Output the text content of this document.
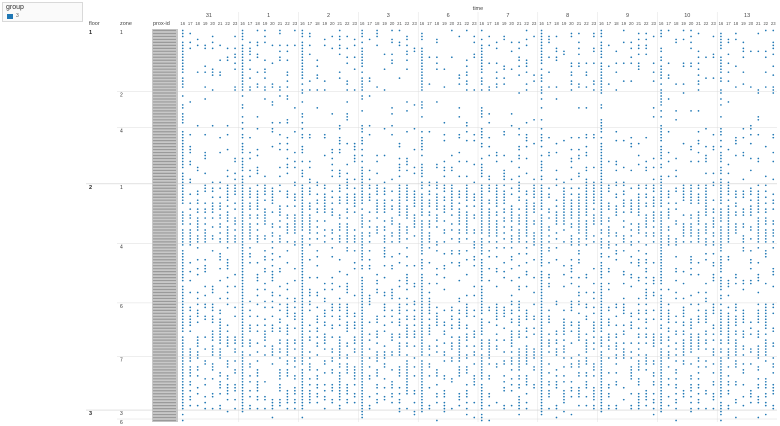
group
3
time
floor	zone	prox-id
31
16 17 18 19 20 21 22 23
1
16 17 18 19 20 21 22 23
2
16 17 18 19 20 21 22 23
3
16 17 18 19 20 21 22 23
6
16 17 18 19 20 21 22 23
7
16 17 18 19 20 21 22 23
8
16 17 18 19 20 21 22 23
9
16 17 18 19 20 21 22 23
10
16 17 18 19 20 21 22 23
13
16 17 18 19 20 21 22 23
1	1
2
4
2	1
4
6
7
3	3
6
